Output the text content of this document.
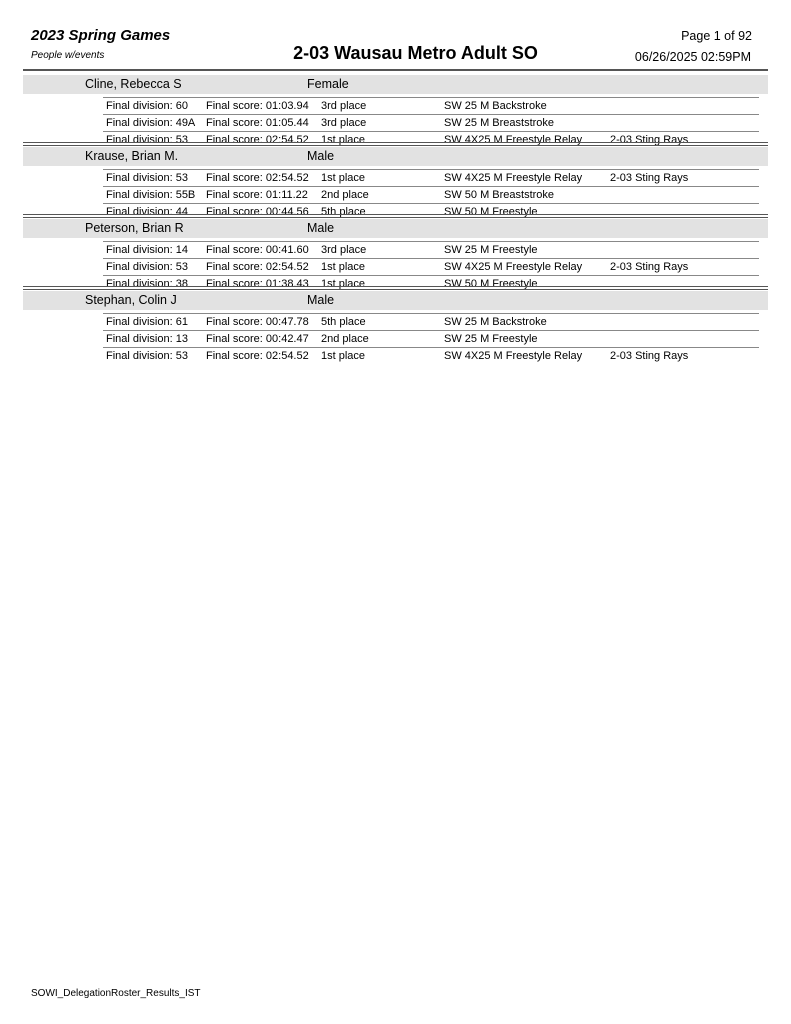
2023 Spring Games
People w/events	2-03 Wausau Metro Adult SO
Page 1 of 92
06/26/2025 02:59PM
Cline, Rebecca S	Female
Final division: 60 Final score: 01:03.94 3rd place	SW 25 M Backstroke
Final division: 49A Final score: 01:05.44 3rd place	SW 25 M Breaststroke
Final division: 53 Final score: 02:54.52 1st place	SW 4X25 M Freestyle Relay	2-03 Sting Rays
Krause, Brian M.	Male
Final division: 53 Final score: 02:54.52 1st place	SW 4X25 M Freestyle Relay	2-03 Sting Rays
Final division: 55B Final score: 01:11.22 2nd place	SW 50 M Breaststroke
Final division: 44 Final score: 00:44.56 5th place	SW 50 M Freestyle
Peterson, Brian R	Male
Final division: 14 Final score: 00:41.60 3rd place	SW 25 M Freestyle
Final division: 53 Final score: 02:54.52 1st place	SW 4X25 M Freestyle Relay	2-03 Sting Rays
Final division: 38 Final score: 01:38.43 1st place	SW 50 M Freestyle
Stephan, Colin J	Male
Final division: 61 Final score: 00:47.78 5th place	SW 25 M Backstroke
Final division: 13 Final score: 00:42.47 2nd place	SW 25 M Freestyle
Final division: 53 Final score: 02:54.52 1st place	SW 4X25 M Freestyle Relay	2-03 Sting Rays
SOWI_DelegationRoster_Results_IST
